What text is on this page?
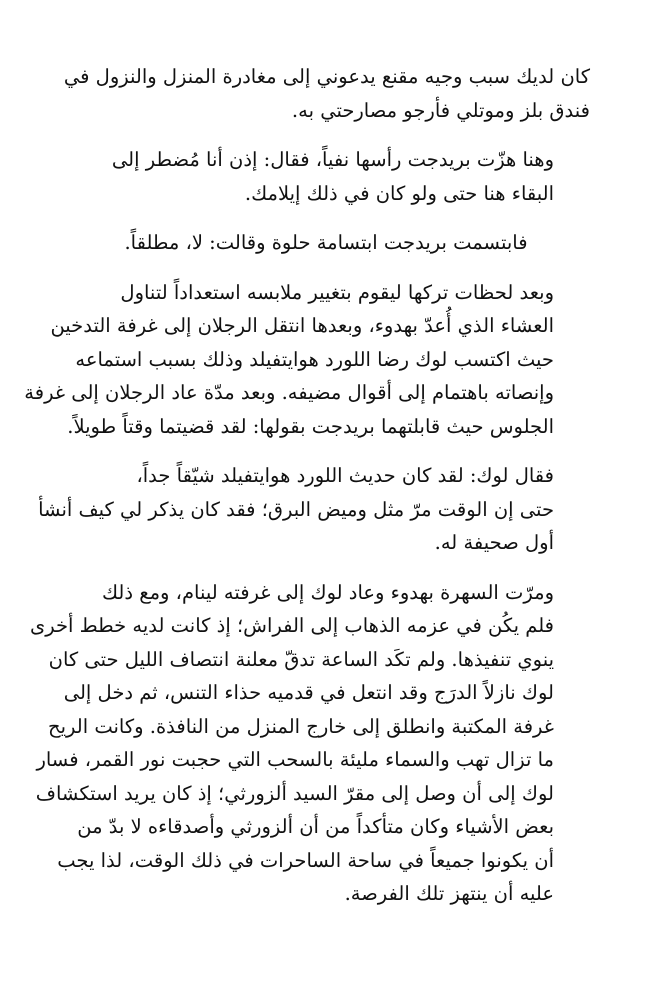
كان لديك سبب وجيه مقنع يدعوني إلى مغادرة المنزل والنزول في
فندق بلز وموتلي فأرجو مصارحتي به.

وهنا هزّت بريدجت رأسها نفياً، فقال: إذن أنا مُضطر إلى
البقاء هنا حتى ولو كان في ذلك إيلامك.

فابتسمت بريدجت ابتسامة حلوة وقالت: لا، مطلقاً.

وبعد لحظات تركها ليقوم بتغيير ملابسه استعداداً لتناول
العشاء الذي أُعدّ بهدوء، وبعدها انتقل الرجلان إلى غرفة التدخين
حيث اكتسب لوك رضا اللورد هوايتفيلد وذلك بسبب استماعه
وإنصاته باهتمام إلى أقوال مضيفه. وبعد مدّة عاد الرجلان إلى غرفة
الجلوس حيث قابلتهما بريدجت بقولها: لقد قضيتما وقتاً طويلاً.

فقال لوك: لقد كان حديث اللورد هوايتفيلد شيّقاً جداً،
حتى إن الوقت مرّ مثل وميض البرق؛ فقد كان يذكر لي كيف أنشأ
أول صحيفة له.

ومرّت السهرة بهدوء وعاد لوك إلى غرفته لينام، ومع ذلك
فلم يكُن في عزمه الذهاب إلى الفراش؛ إذ كانت لديه خطط أخرى
ينوي تنفيذها. ولم تكَد الساعة تدقّ معلنة انتصاف الليل حتى كان
لوك نازلاً الدرَج وقد انتعل في قدميه حذاء التنس، ثم دخل إلى
غرفة المكتبة وانطلق إلى خارج المنزل من النافذة. وكانت الريح
ما تزال تهب والسماء مليئة بالسحب التي حجبت نور القمر، فسار
لوك إلى أن وصل إلى مقرّ السيد ألزورثي؛ إذ كان يريد استكشاف
بعض الأشياء وكان متأكداً من أن ألزورثي وأصدقاءه لا بدّ من
أن يكونوا جميعاً في ساحة الساحرات في ذلك الوقت، لذا يجب
عليه أن ينتهز تلك الفرصة.
